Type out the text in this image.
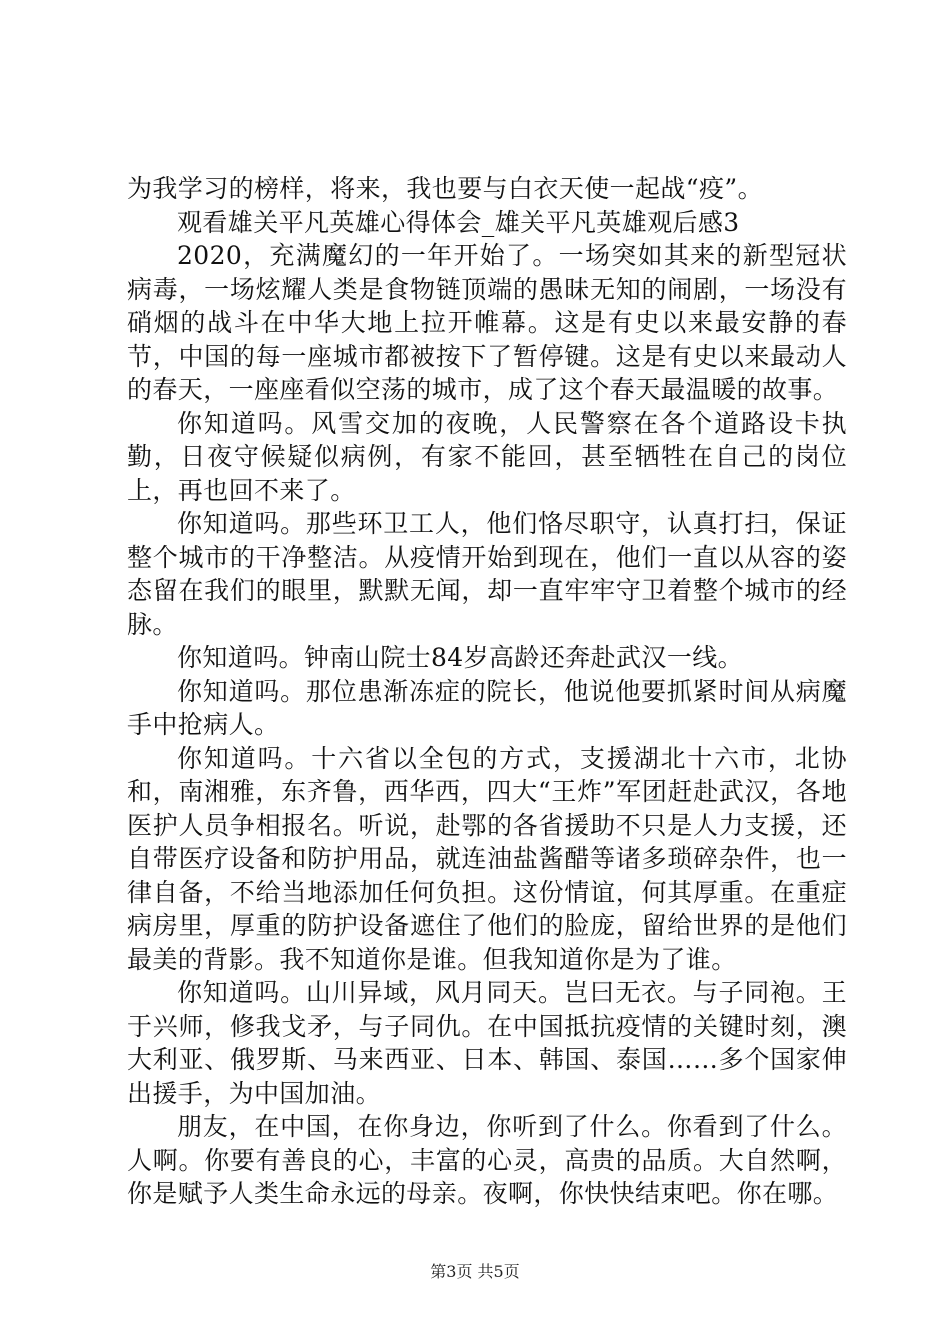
为我学习的榜样，将来，我也要与白衣天使一起战“疫”。

观看雄关平凡英雄心得体会_雄关平凡英雄观后感3

2020，充满魔幻的一年开始了。一场突如其来的新型冠状病毒，一场炫耀人类是食物链顶端的愚昧无知的闹剧，一场没有硝烟的战斗在中华大地上拉开帷幕。这是有史以来最安静的春节，中国的每一座城市都被按下了暂停键。这是有史以来最动人的春天，一座座看似空荡的城市，成了这个春天最温暖的故事。

你知道吗。风雪交加的夜晚，人民警察在各个道路设卡执勤，日夜守候疑似病例，有家不能回，甚至牺牲在自己的岗位上，再也回不来了。

你知道吗。那些环卫工人，他们恪尽职守，认真打扫，保证整个城市的干净整洁。从疫情开始到现在，他们一直以从容的姿态留在我们的眼里，默默无闻，却一直牢牢守卫着整个城市的经脉。

你知道吗。钟南山院士84岁高龄还奔赴武汉一线。

你知道吗。那位患渐冻症的院长，他说他要抓紧时间从病魔手中抢病人。

你知道吗。十六省以全包的方式，支援湖北十六市，北协和，南湘雅，东齐鲁，西华西，四大“王炸”军团赶赴武汉，各地医护人员争相报名。听说，赴鄂的各省援助不只是人力支援，还自带医疗设备和防护用品，就连油盐酱醋等诸多琐碎杂件，也一律自备，不给当地添加任何负担。这份情谊，何其厚重。在重症病房里，厚重的防护设备遮住了他们的脸庞，留给世界的是他们最美的背影。我不知道你是谁。但我知道你是为了谁。

你知道吗。山川异域，风月同天。岂曰无衣。与子同袍。王于兴师，修我戈矛，与子同仇。在中国抵抗疫情的关键时刻，澳大利亚、俄罗斯、马来西亚、日本、韩国、泰国……多个国家伸出援手，为中国加油。

朋友，在中国，在你身边，你听到了什么。你看到了什么。人啊。你要有善良的心，丰富的心灵，高贵的品质。大自然啊，你是赋予人类生命永远的母亲。夜啊，你快快结束吧。你在哪。

第3页 共5页
